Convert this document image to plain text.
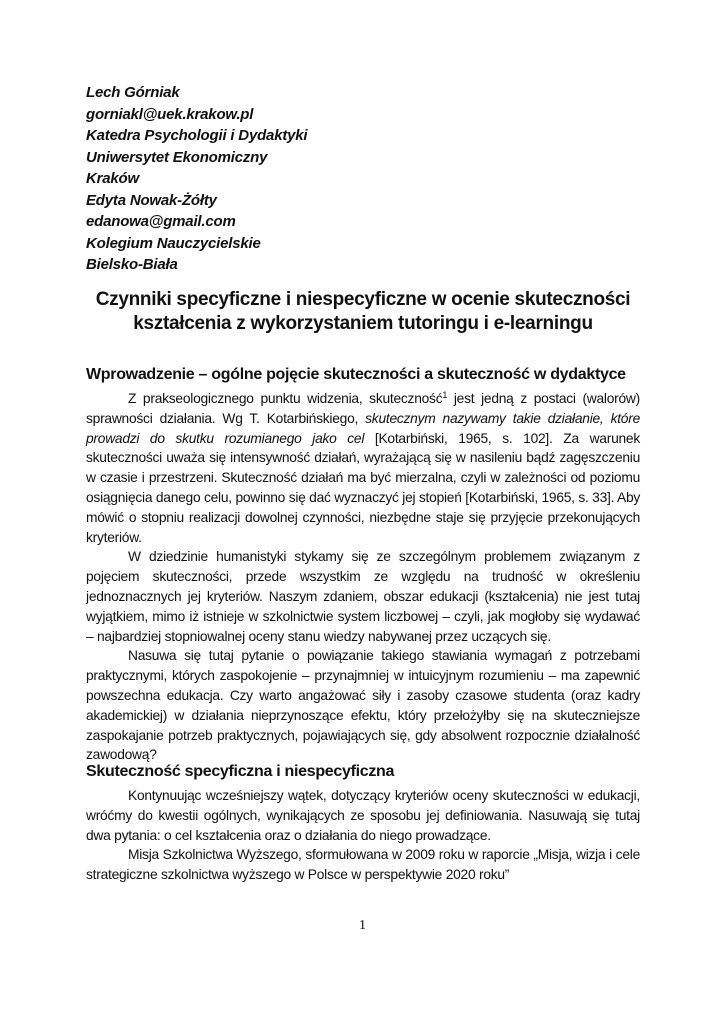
Lech Górniak
gorniakl@uek.krakow.pl
Katedra Psychologii i Dydaktyki
Uniwersytet Ekonomiczny
Kraków
Edyta Nowak-Żółty
edanowa@gmail.com
Kolegium Nauczycielskie
Bielsko-Biała
Czynniki specyficzne i niespecyficzne w ocenie skuteczności
kształcenia z wykorzystaniem tutoringu i e-learningu
Wprowadzenie – ogólne pojęcie skuteczności a skuteczność w dydaktyce

Z prakseologicznego punktu widzenia, skuteczność$^1$ jest jedną z postaci (walorów) sprawności działania. Wg T. Kotarbińskiego, skutecznym nazywamy takie działanie, które prowadzi do skutku rozumianego jako cel [Kotarbiński, 1965, s. 102]. Za warunek skuteczności uważa się intensywność działań, wyrażającą się w nasileniu bądź zagęszczeniu w czasie i przestrzeni. Skuteczność działań ma być mierzalna, czyli w zależności od poziomu osiągnięcia danego celu, powinno się dać wyznaczyć jej stopień [Kotarbiński, 1965, s. 33]. Aby mówić o stopniu realizacji dowolnej czynności, niezbędne staje się przyjęcie przekonujących kryteriów.

W dziedzinie humanistyki stykamy się ze szczególnym problemem związanym z pojęciem skuteczności, przede wszystkim ze względu na trudność w określeniu jednoznacznych jej kryteriów. Naszym zdaniem, obszar edukacji (kształcenia) nie jest tutaj wyjątkiem, mimo iż istnieje w szkolnictwie system liczbowej – czyli, jak mogłoby się wydawać – najbardziej stopniowalnej oceny stanu wiedzy nabywanej przez uczących się.

Nasuwa się tutaj pytanie o powiązanie takiego stawiania wymagań z potrzebami praktycznymi, których zaspokojenie – przynajmniej w intuicyjnym rozumieniu – ma zapewnić powszechna edukacja. Czy warto angażować siły i zasoby czasowe studenta (oraz kadry akademickiej) w działania nieprzynoszące efektu, który przełożyłby się na skuteczniejsze zaspokajanie potrzeb praktycznych, pojawiających się, gdy absolwent rozpocznie działalność zawodową?

Skuteczność specyficzna i niespecyficzna

Kontynuując wcześniejszy wątek, dotyczący kryteriów oceny skuteczności w edukacji, wróćmy do kwestii ogólnych, wynikających ze sposobu jej definiowania. Nasuwają się tutaj dwa pytania: o cel kształcenia oraz o działania do niego prowadzące.

Misja Szkolnictwa Wyższego, sformułowana w 2009 roku w raporcie „Misja, wizja i cele strategiczne szkolnictwa wyższego w Polsce w perspektywie 2020 roku”

1
